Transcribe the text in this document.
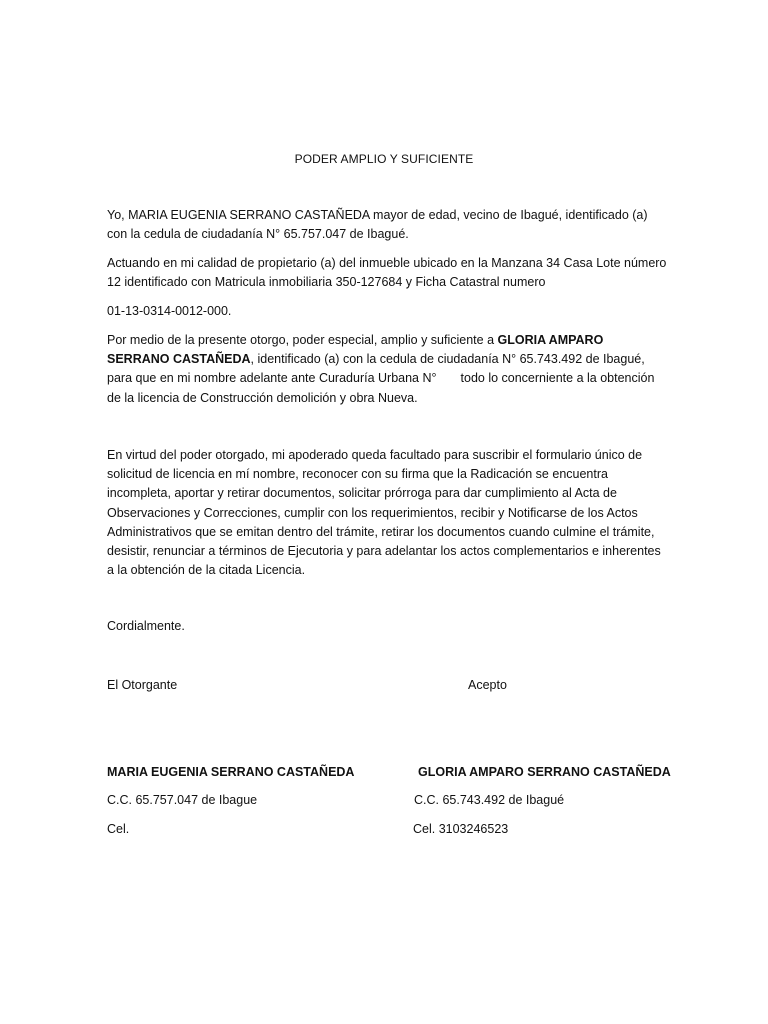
PODER AMPLIO Y SUFICIENTE

Yo, MARIA EUGENIA SERRANO CASTAÑEDA mayor de edad, vecino de Ibagué, identificado (a) con la cedula de ciudadanía N° 65.757.047 de Ibagué.

Actuando en mi calidad de propietario (a) del inmueble ubicado en la Manzana 34 Casa Lote número 12 identificado con Matricula inmobiliaria 350-127684 y Ficha Catastral numero

01-13-0314-0012-000.

Por medio de la presente otorgo, poder especial, amplio y suficiente a GLORIA AMPARO SERRANO CASTAÑEDA, identificado (a) con la cedula de ciudadanía N° 65.743.492 de Ibagué, para que en mi nombre adelante ante Curaduría Urbana N° todo lo concerniente a la obtención de la licencia de Construcción demolición y obra Nueva.

En virtud del poder otorgado, mi apoderado queda facultado para suscribir el formulario único de solicitud de licencia en mí nombre, reconocer con su firma que la Radicación se encuentra incompleta, aportar y retirar documentos, solicitar prórroga para dar cumplimiento al Acta de Observaciones y Correcciones, cumplir con los requerimientos, recibir y Notificarse de los Actos Administrativos que se emitan dentro del trámite, retirar los documentos cuando culmine el trámite, desistir, renunciar a términos de Ejecutoria y para adelantar los actos complementarios e inherentes a la obtención de la citada Licencia.

Cordialmente.

El Otorgante	Acepto

MARIA EUGENIA SERRANO CASTAÑEDA	GLORIA AMPARO SERRANO CASTAÑEDA

C.C. 65.757.047 de Ibague	C.C. 65.743.492 de Ibagué

Cel.	Cel. 3103246523
